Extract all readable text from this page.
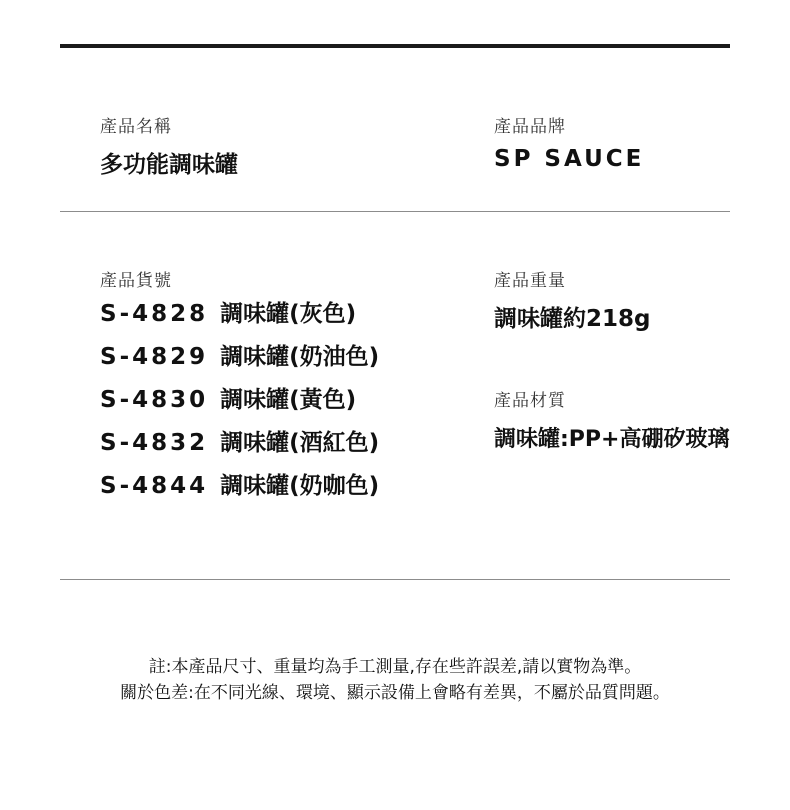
產品名稱
多功能調味罐
產品品牌
SP SAUCE
產品貨號
S-4828 調味罐(灰色)
S-4829 調味罐(奶油色)
S-4830 調味罐(黃色)
S-4832 調味罐(酒紅色)
S-4844 調味罐(奶咖色)
產品重量
調味罐約218g
產品材質
調味罐:PP+高硼矽玻璃
註:本產品尺寸、重量均為手工測量,存在些許誤差,請以實物為準。
關於色差:在不同光線、環境、顯示設備上會略有差異，不屬於品質問題。
